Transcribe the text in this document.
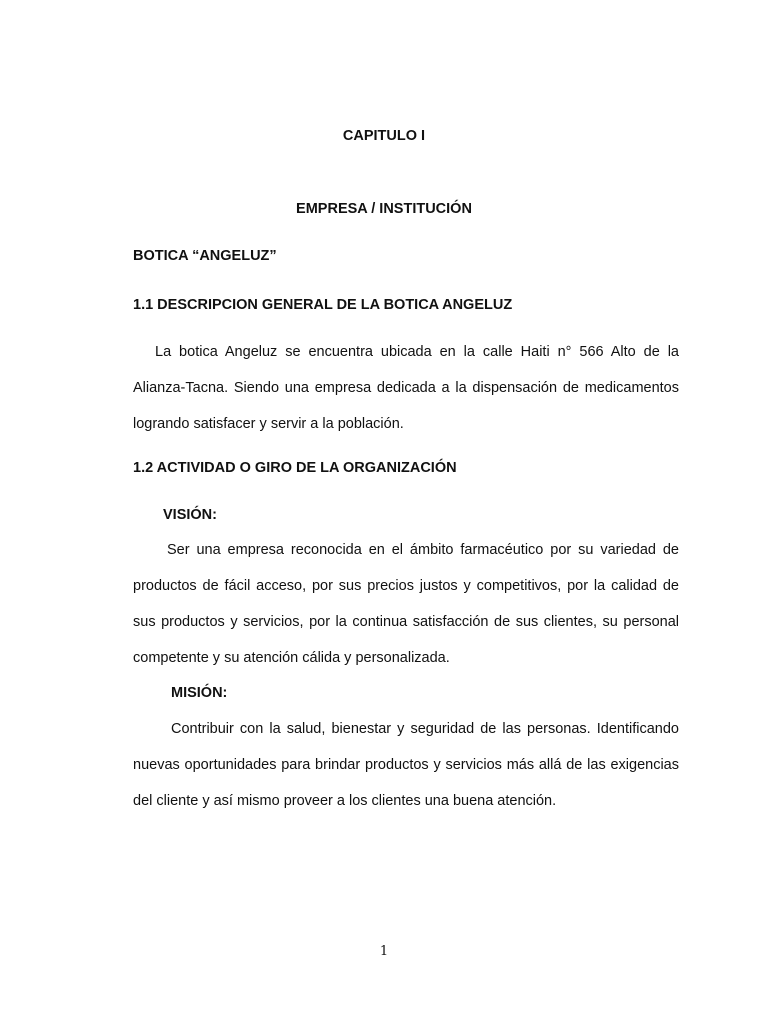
CAPITULO I
EMPRESA / INSTITUCIÓN
BOTICA “ANGELUZ”
1.1 DESCRIPCION GENERAL DE LA BOTICA ANGELUZ

La botica Angeluz se encuentra ubicada en la calle Haiti n° 566 Alto de la Alianza-Tacna. Siendo una empresa dedicada a la dispensación de medicamentos logrando satisfacer y servir a la población.

1.2 ACTIVIDAD O GIRO DE LA ORGANIZACIÓN
VISIÓN:

Ser una empresa reconocida en el ámbito farmacéutico por su variedad de productos de fácil acceso, por sus precios justos y competitivos, por la calidad de sus productos y servicios, por la continua satisfacción de sus clientes, su personal competente y su atención cálida y personalizada.

MISIÓN:

Contribuir con la salud, bienestar y seguridad de las personas. Identificando nuevas oportunidades para brindar productos y servicios más allá de las exigencias del cliente y así mismo proveer a los clientes una buena atención.

1
